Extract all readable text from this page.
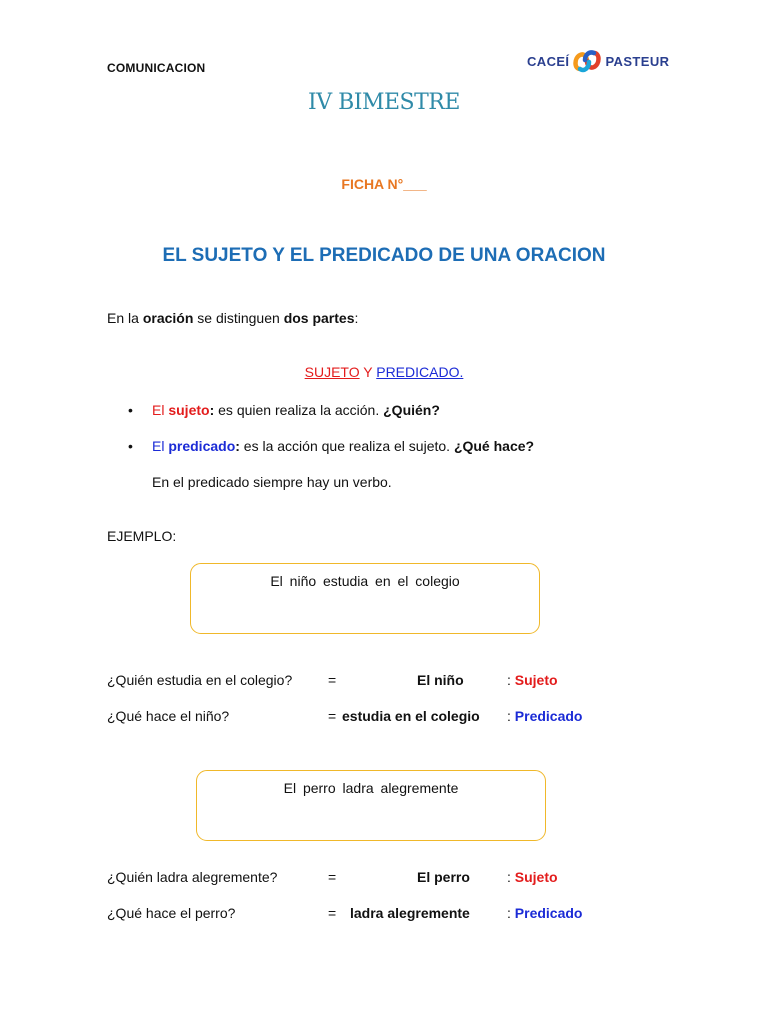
COMUNICACION	CACEÍ	PASTEUR
IV BIMESTRE
FICHA N°___
EL SUJETO Y EL PREDICADO DE UNA ORACION
En la oración se distinguen dos partes:
SUJETO Y PREDICADO.
• El sujeto: es quien realiza la acción. ¿Quién?
• El predicado: es la acción que realiza el sujeto. ¿Qué hace?
En el predicado siempre hay un verbo.
EJEMPLO:
El niño estudia en el colegio
¿Quién estudia en el colegio?	=	El niño	: Sujeto
¿Qué hace el niño?	= estudia en el colegio : Predicado
El perro ladra alegremente
¿Quién ladra alegremente?	=	El perro	: Sujeto
¿Qué hace el perro?	= ladra alegremente	: Predicado
